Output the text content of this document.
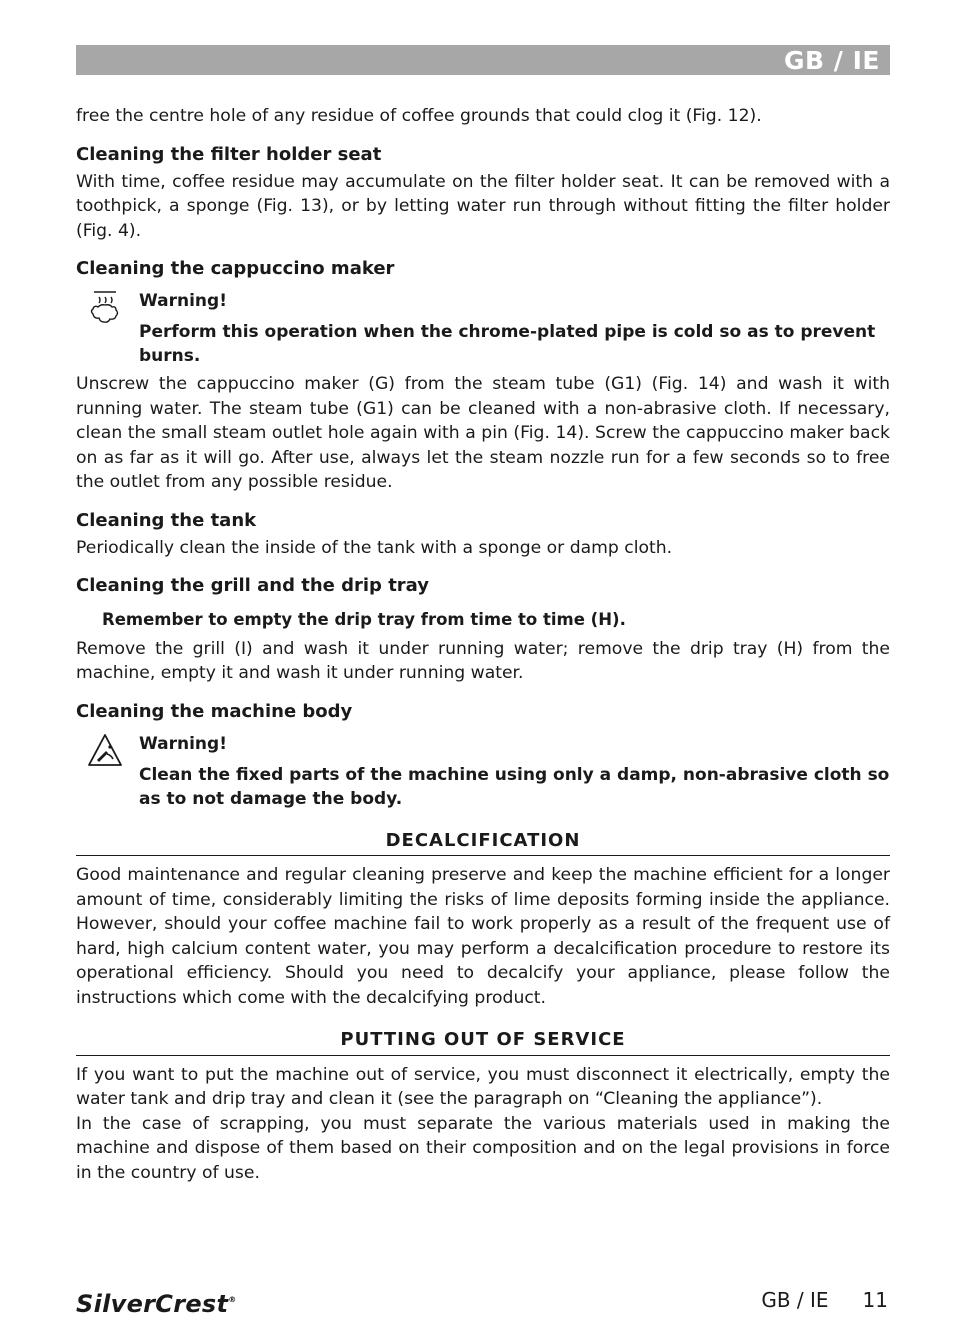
GB / IE

free the centre hole of any residue of coffee grounds that could clog it (Fig. 12).

Cleaning the filter holder seat

With time, coffee residue may accumulate on the filter holder seat. It can be removed with a toothpick, a sponge (Fig. 13), or by letting water run through without fitting the filter holder (Fig. 4).

Cleaning the cappuccino maker
Warning!
Perform this operation when the chrome-plated pipe is cold so as to prevent burns.

Unscrew the cappuccino maker (G) from the steam tube (G1) (Fig. 14) and wash it with running water. The steam tube (G1) can be cleaned with a non-abrasive cloth. If necessary, clean the small steam outlet hole again with a pin (Fig. 14). Screw the cappuccino maker back on as far as it will go. After use, always let the steam nozzle run for a few seconds so to free the outlet from any possible residue.

Cleaning the tank

Periodically clean the inside of the tank with a sponge or damp cloth.

Cleaning the grill and the drip tray
Remember to empty the drip tray from time to time (H).

Remove the grill (I) and wash it under running water; remove the drip tray (H) from the machine, empty it and wash it under running water.

Cleaning the machine body
Warning!
Clean the fixed parts of the machine using only a damp, non-abrasive cloth so as to not damage the body.
DECALCIFICATION

Good maintenance and regular cleaning preserve and keep the machine efficient for a longer amount of time, considerably limiting the risks of lime deposits forming inside the appliance. However, should your coffee machine fail to work properly as a result of the frequent use of hard, high calcium content water, you may perform a decalcification procedure to restore its operational efficiency. Should you need to decalcify your appliance, please follow the instructions which come with the decalcifying product.

PUTTING OUT OF SERVICE

If you want to put the machine out of service, you must disconnect it electrically, empty the water tank and drip tray and clean it (see the paragraph on “Cleaning the appliance”).

In the case of scrapping, you must separate the various materials used in making the machine and dispose of them based on their composition and on the legal provisions in force in the country of use.

SilverCrest®	GB / IE 11
